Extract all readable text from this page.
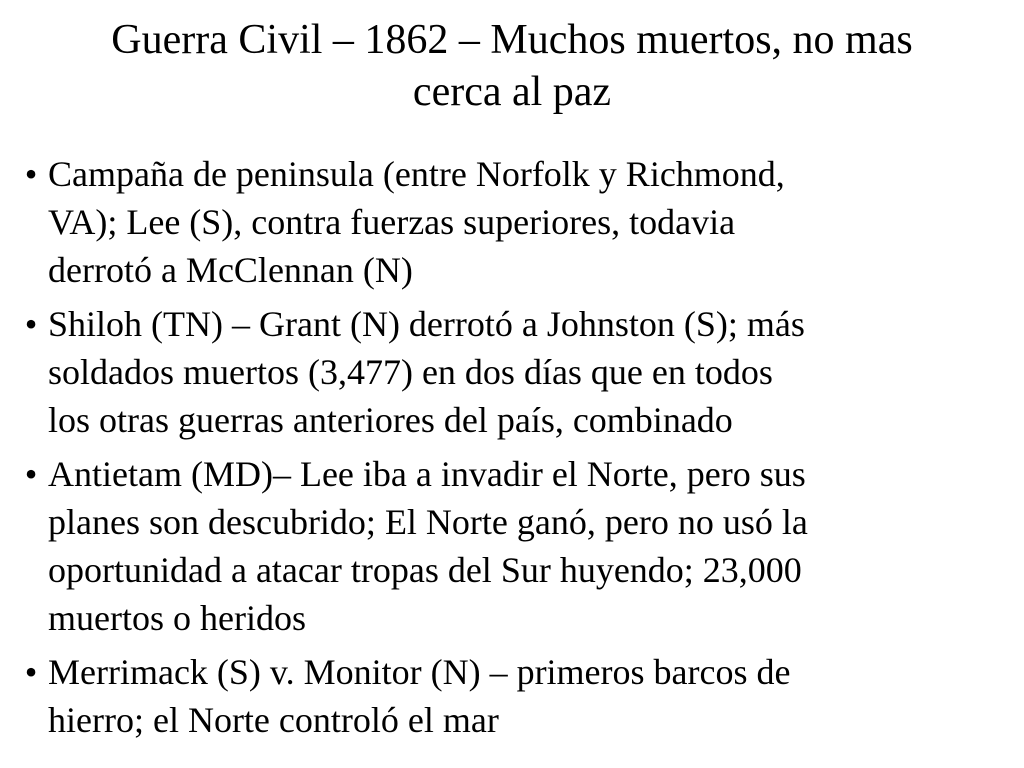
Guerra Civil – 1862 – Muchos muertos, no mas
cerca al paz
• Campaña de peninsula (entre Norfolk y Richmond,
VA); Lee (S), contra fuerzas superiores, todavia
derrotó a McClennan (N)
• Shiloh (TN) – Grant (N) derrotó a Johnston (S); más
soldados muertos (3,477) en dos días que en todos
los otras guerras anteriores del país, combinado
• Antietam (MD)– Lee iba a invadir el Norte, pero sus
planes son descubrido; El Norte ganó, pero no usó la
oportunidad a atacar tropas del Sur huyendo; 23,000
muertos o heridos
• Merrimack (S) v. Monitor (N) – primeros barcos de
hierro; el Norte controló el mar
